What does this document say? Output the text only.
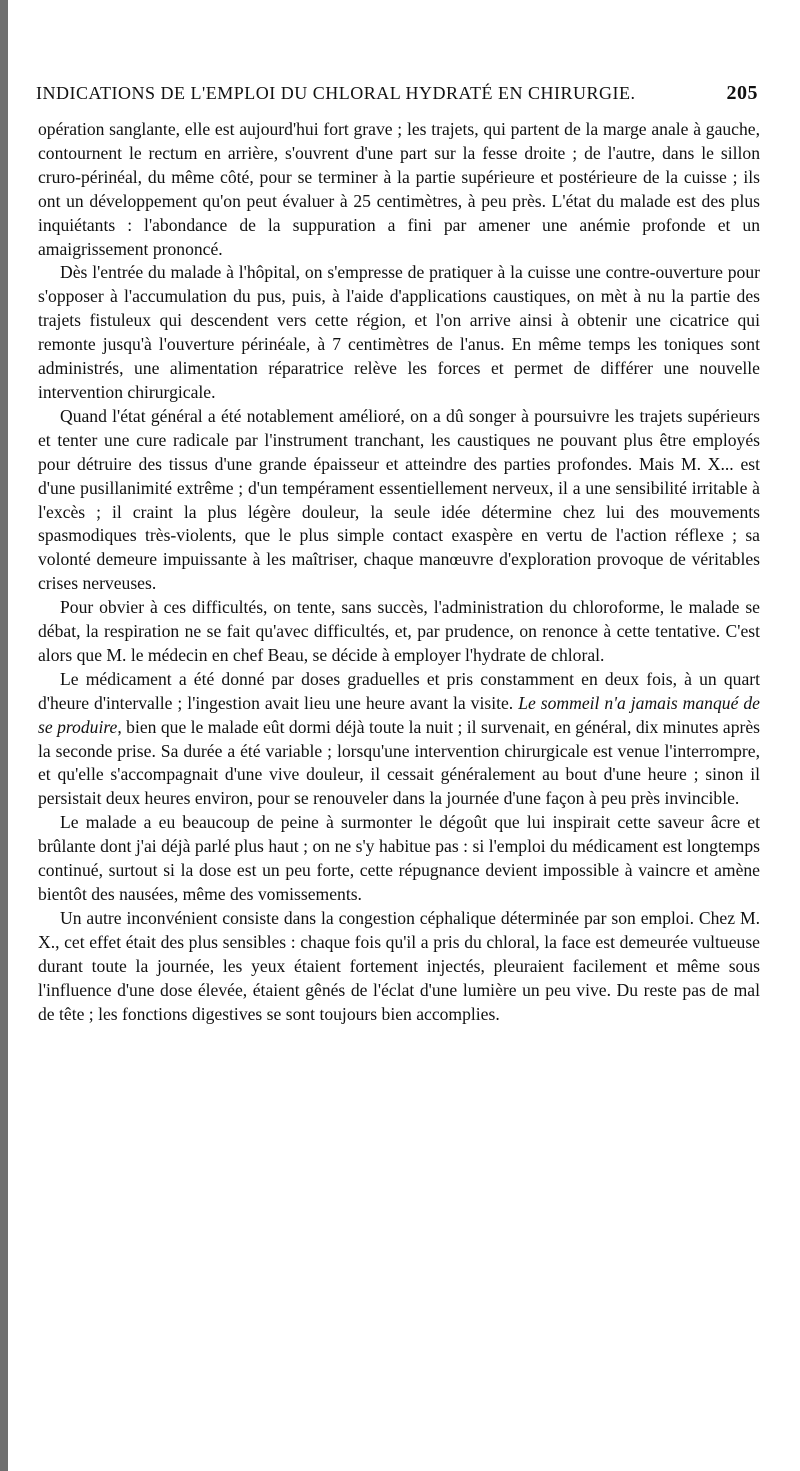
INDICATIONS DE L'EMPLOI DU CHLORAL HYDRATÉ EN CHIRURGIE.	205

opération sanglante, elle est aujourd'hui fort grave ; les trajets, qui partent de la marge anale à gauche, contournent le rectum en arrière, s'ouvrent d'une part sur la fesse droite ; de l'autre, dans le sillon cruro-périnéal, du même côté, pour se terminer à la partie supérieure et postérieure de la cuisse ; ils ont un développement qu'on peut évaluer à 25 centimètres, à peu près. L'état du malade est des plus inquiétants : l'abondance de la suppuration a fini par amener une anémie profonde et un amaigrissement prononcé.

Dès l'entrée du malade à l'hôpital, on s'empresse de pratiquer à la cuisse une contre-ouverture pour s'opposer à l'accumulation du pus, puis, à l'aide d'applications caustiques, on mèt à nu la partie des trajets fistuleux qui descendent vers cette région, et l'on arrive ainsi à obtenir une cicatrice qui remonte jusqu'à l'ouverture périnéale, à 7 centimètres de l'anus. En même temps les toniques sont administrés, une alimentation réparatrice relève les forces et permet de différer une nouvelle intervention chirurgicale.

Quand l'état général a été notablement amélioré, on a dû songer à poursuivre les trajets supérieurs et tenter une cure radicale par l'instrument tranchant, les caustiques ne pouvant plus être employés pour détruire des tissus d'une grande épaisseur et atteindre des parties profondes. Mais M. X... est d'une pusillanimité extrême ; d'un tempérament essentiellement nerveux, il a une sensibilité irritable à l'excès ; il craint la plus légère douleur, la seule idée détermine chez lui des mouvements spasmodiques très-violents, que le plus simple contact exaspère en vertu de l'action réflexe ; sa volonté demeure impuissante à les maîtriser, chaque manœuvre d'exploration provoque de véritables crises nerveuses.

Pour obvier à ces difficultés, on tente, sans succès, l'administration du chloroforme, le malade se débat, la respiration ne se fait qu'avec difficultés, et, par prudence, on renonce à cette tentative. C'est alors que M. le médecin en chef Beau, se décide à employer l'hydrate de chloral.

Le médicament a été donné par doses graduelles et pris constamment en deux fois, à un quart d'heure d'intervalle ; l'ingestion avait lieu une heure avant la visite. Le sommeil n'a jamais manqué de se produire, bien que le malade eût dormi déjà toute la nuit ; il survenait, en général, dix minutes après la seconde prise. Sa durée a été variable ; lorsqu'une intervention chirurgicale est venue l'interrompre, et qu'elle s'accompagnait d'une vive douleur, il cessait généralement au bout d'une heure ; sinon il persistait deux heures environ, pour se renouveler dans la journée d'une façon à peu près invincible.

Le malade a eu beaucoup de peine à surmonter le dégoût que lui inspirait cette saveur âcre et brûlante dont j'ai déjà parlé plus haut ; on ne s'y habitue pas : si l'emploi du médicament est longtemps continué, surtout si la dose est un peu forte, cette répugnance devient impossible à vaincre et amène bientôt des nausées, même des vomissements.

Un autre inconvénient consiste dans la congestion céphalique déterminée par son emploi. Chez M. X., cet effet était des plus sensibles : chaque fois qu'il a pris du chloral, la face est demeurée vultueuse durant toute la journée, les yeux étaient fortement injectés, pleuraient facilement et même sous l'influence d'une dose élevée, étaient gênés de l'éclat d'une lumière un peu vive. Du reste pas de mal de tête ; les fonctions digestives se sont toujours bien accomplies.
